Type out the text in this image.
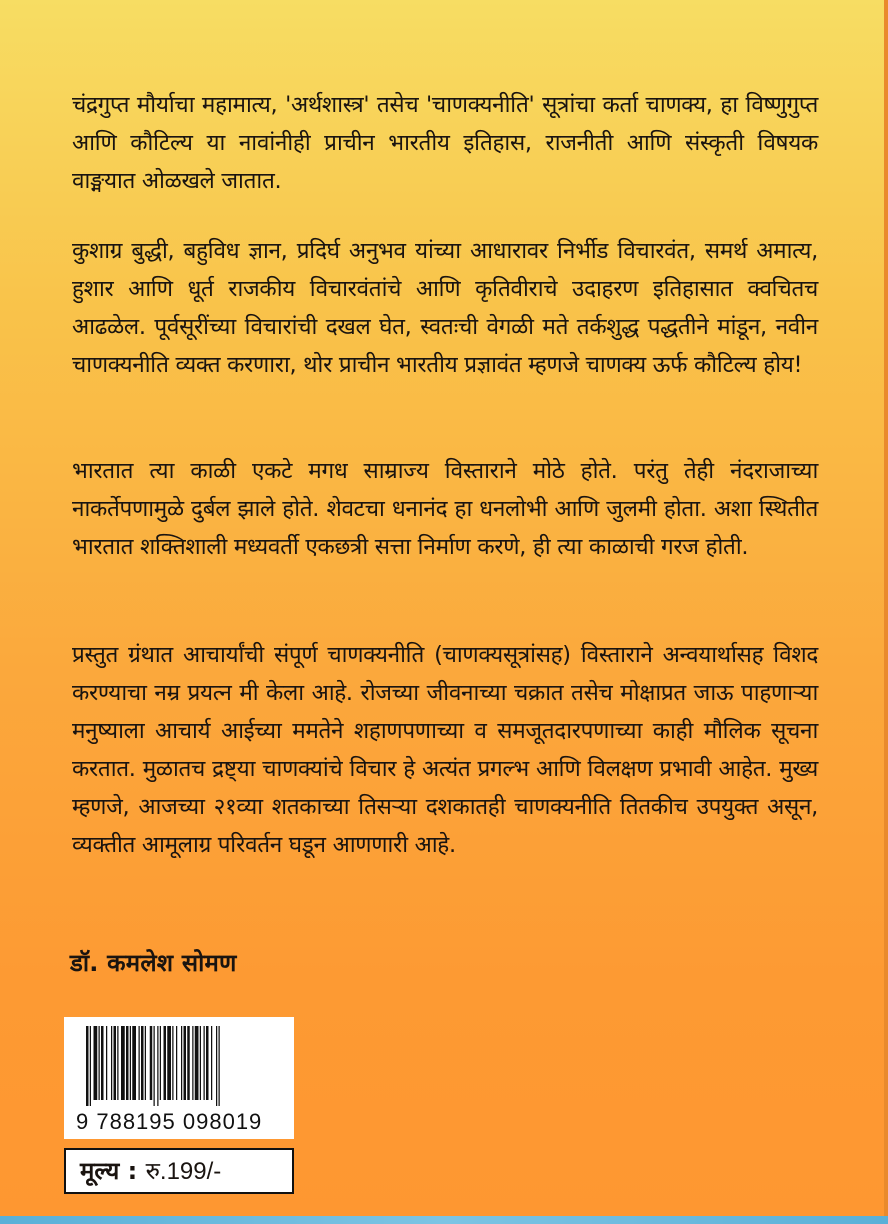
चंद्रगुप्त मौर्याचा महामात्य, 'अर्थशास्त्र' तसेच 'चाणक्यनीति' सूत्रांचा कर्ता चाणक्य, हा विष्णुगुप्त आणि कौटिल्य या नावांनीही प्राचीन भारतीय इतिहास, राजनीती आणि संस्कृती विषयक वाङ्मयात ओळखले जातात.

कुशाग्र बुद्धी, बहुविध ज्ञान, प्रदिर्घ अनुभव यांच्या आधारावर निर्भीड विचारवंत, समर्थ अमात्य, हुशार आणि धूर्त राजकीय विचारवंतांचे आणि कृतिवीराचे उदाहरण इतिहासात क्वचितच आढळेल. पूर्वसूरींच्या विचारांची दखल घेत, स्वतःची वेगळी मते तर्कशुद्ध पद्धतीने मांडून, नवीन चाणक्यनीति व्यक्त करणारा, थोर प्राचीन भारतीय प्रज्ञावंत म्हणजे चाणक्य ऊर्फ कौटिल्य होय!

भारतात त्या काळी एकटे मगध साम्राज्य विस्ताराने मोठे होते. परंतु तेही नंदराजाच्या नाकर्तेपणामुळे दुर्बल झाले होते. शेवटचा धनानंद हा धनलोभी आणि जुलमी होता. अशा स्थितीत भारतात शक्तिशाली मध्यवर्ती एकछत्री सत्ता निर्माण करणे, ही त्या काळाची गरज होती.

प्रस्तुत ग्रंथात आचार्यांची संपूर्ण चाणक्यनीति (चाणक्यसूत्रांसह) विस्ताराने अन्वयार्थासह विशद करण्याचा नम्र प्रयत्न मी केला आहे. रोजच्या जीवनाच्या चक्रात तसेच मोक्षाप्रत जाऊ पाहणाऱ्या मनुष्याला आचार्य आईच्या ममतेने शहाणपणाच्या व समजूतदारपणाच्या काही मौलिक सूचना करतात. मुळातच द्रष्ट्या चाणक्यांचे विचार हे अत्यंत प्रगल्भ आणि विलक्षण प्रभावी आहेत. मुख्य म्हणजे, आजच्या २१व्या शतकाच्या तिसऱ्या दशकातही चाणक्यनीति तितकीच उपयुक्त असून, व्यक्तीत आमूलाग्र परिवर्तन घडून आणणारी आहे.

डॉ. कमलेश सोमण
9 788195 098019
मूल्य : रु.199/-
